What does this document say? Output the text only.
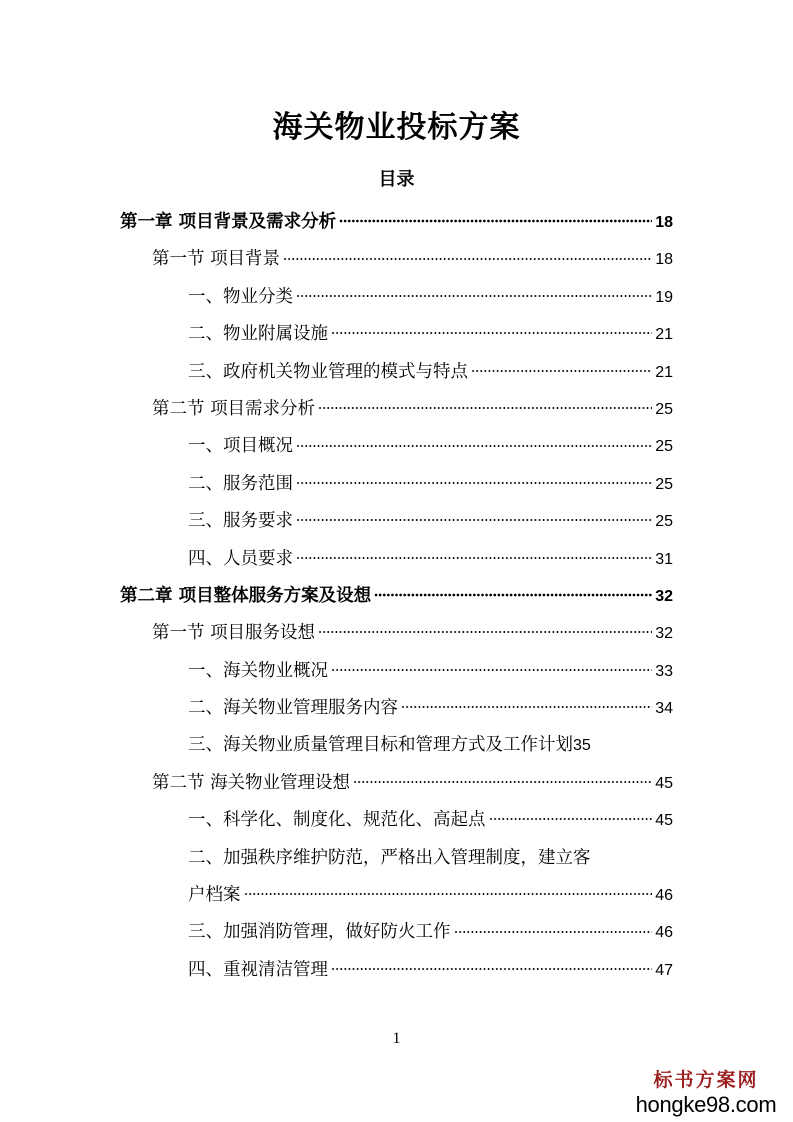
海关物业投标方案
目录
第一章 项目背景及需求分析	18
第一节 项目背景	18
一、物业分类	19
二、物业附属设施	21
三、政府机关物业管理的模式与特点	21
第二节 项目需求分析	25
一、项目概况	25
二、服务范围	25
三、服务要求	25
四、人员要求	31
第二章 项目整体服务方案及设想	32
第一节 项目服务设想	32
一、海关物业概况	33
二、海关物业管理服务内容	34
三、海关物业质量管理目标和管理方式及工作计划 35
第二节 海关物业管理设想	45
一、科学化、制度化、规范化、高起点	45
二、加强秩序维护防范，严格出入管理制度，建立客
户档案	46
三、加强消防管理，做好防火工作	46
四、重视清洁管理	47
1
标书方案网
hongke98.com
